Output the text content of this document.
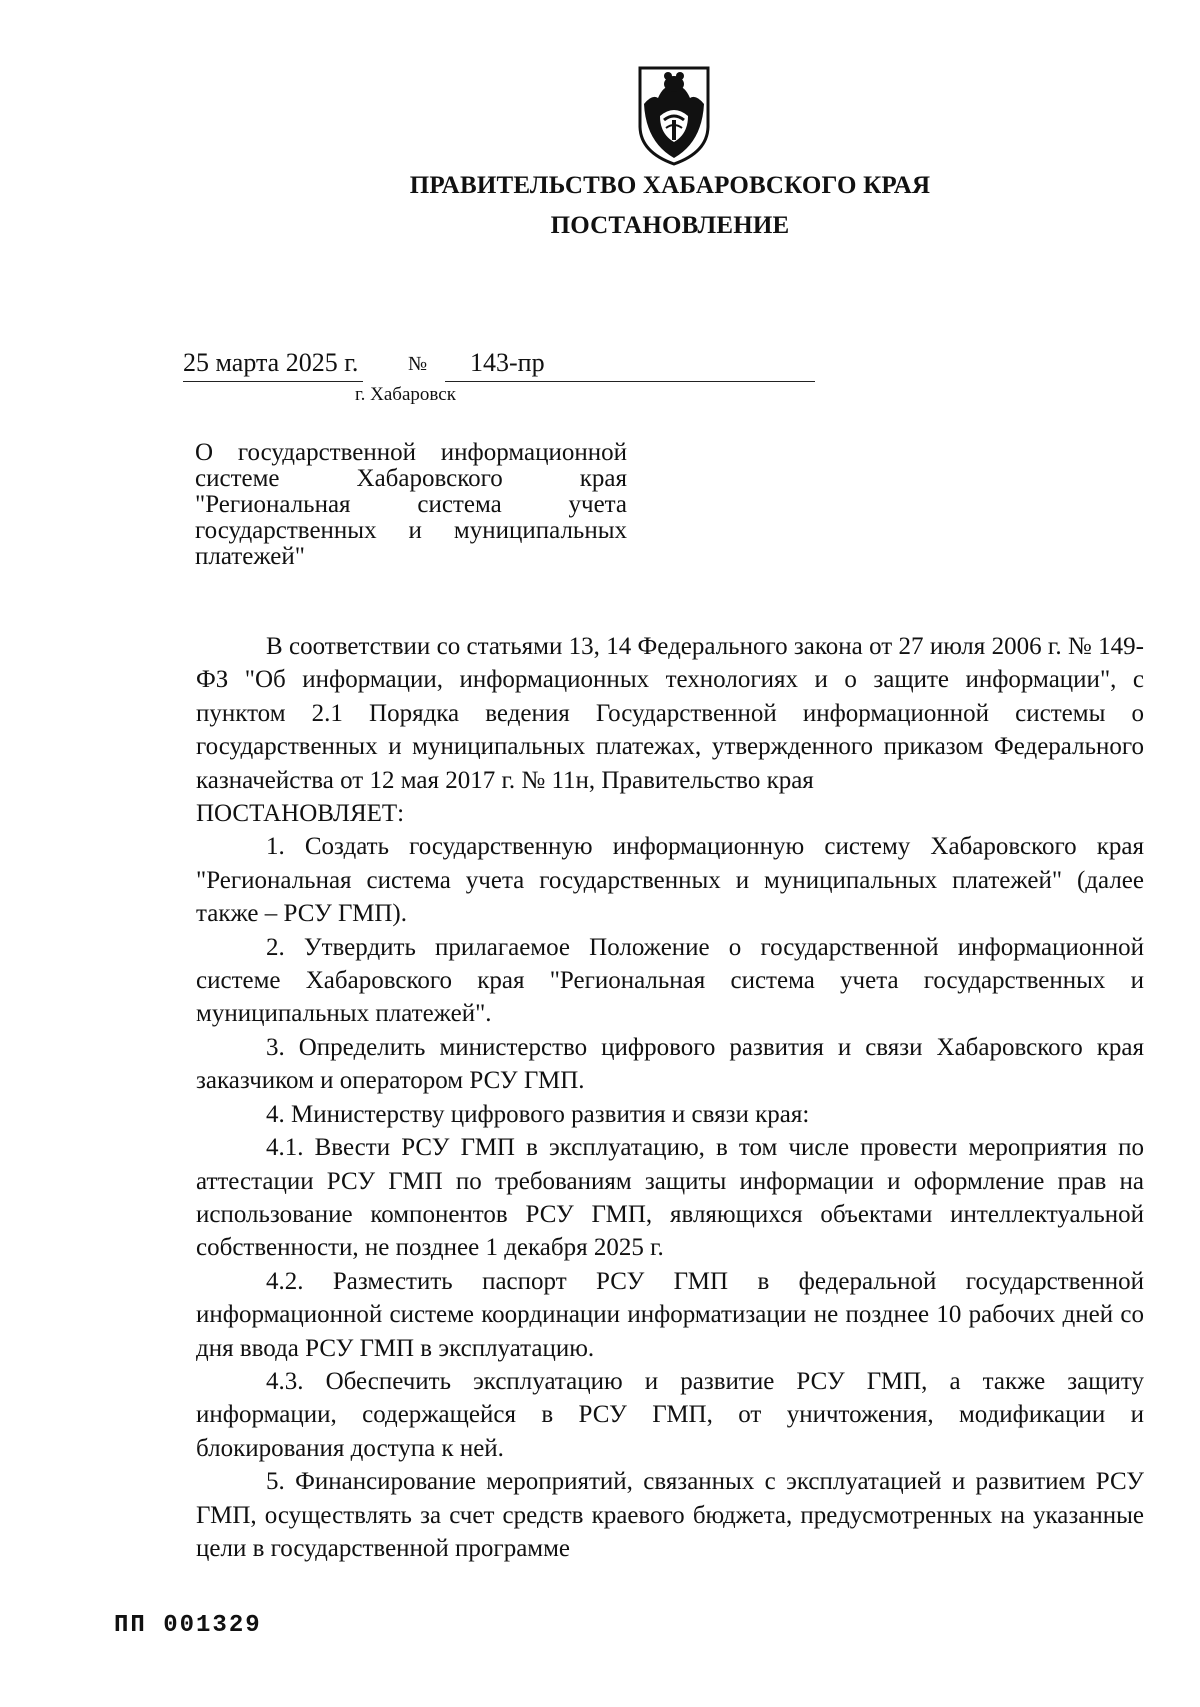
ПРАВИТЕЛЬСТВО ХАБАРОВСКОГО КРАЯ
ПОСТАНОВЛЕНИЕ
25 марта 2025 г. № 143-пр
г. Хабаровск
О государственной информационной системе Хабаровского края "Региональная система учета государственных и муниципальных платежей"

В соответствии со статьями 13, 14 Федерального закона от 27 июля 2006 г. № 149-ФЗ "Об информации, информационных технологиях и о защите информации", с пунктом 2.1 Порядка ведения Государственной информационной системы о государственных и муниципальных платежах, утвержденного приказом Федерального казначейства от 12 мая 2017 г. № 11н, Правительство края

ПОСТАНОВЛЯЕТ:

1. Создать государственную информационную систему Хабаровского края "Региональная система учета государственных и муниципальных платежей" (далее также – РСУ ГМП).

2. Утвердить прилагаемое Положение о государственной информационной системе Хабаровского края "Региональная система учета государственных и муниципальных платежей".

3. Определить министерство цифрового развития и связи Хабаровского края заказчиком и оператором РСУ ГМП.

4. Министерству цифрового развития и связи края:

4.1. Ввести РСУ ГМП в эксплуатацию, в том числе провести мероприятия по аттестации РСУ ГМП по требованиям защиты информации и оформление прав на использование компонентов РСУ ГМП, являющихся объектами интеллектуальной собственности, не позднее 1 декабря 2025 г.

4.2. Разместить паспорт РСУ ГМП в федеральной государственной информационной системе координации информатизации не позднее 10 рабочих дней со дня ввода РСУ ГМП в эксплуатацию.

4.3. Обеспечить эксплуатацию и развитие РСУ ГМП, а также защиту информации, содержащейся в РСУ ГМП, от уничтожения, модификации и блокирования доступа к ней.

5. Финансирование мероприятий, связанных с эксплуатацией и развитием РСУ ГМП, осуществлять за счет средств краевого бюджета, предусмотренных на указанные цели в государственной программе

ПП 001329
